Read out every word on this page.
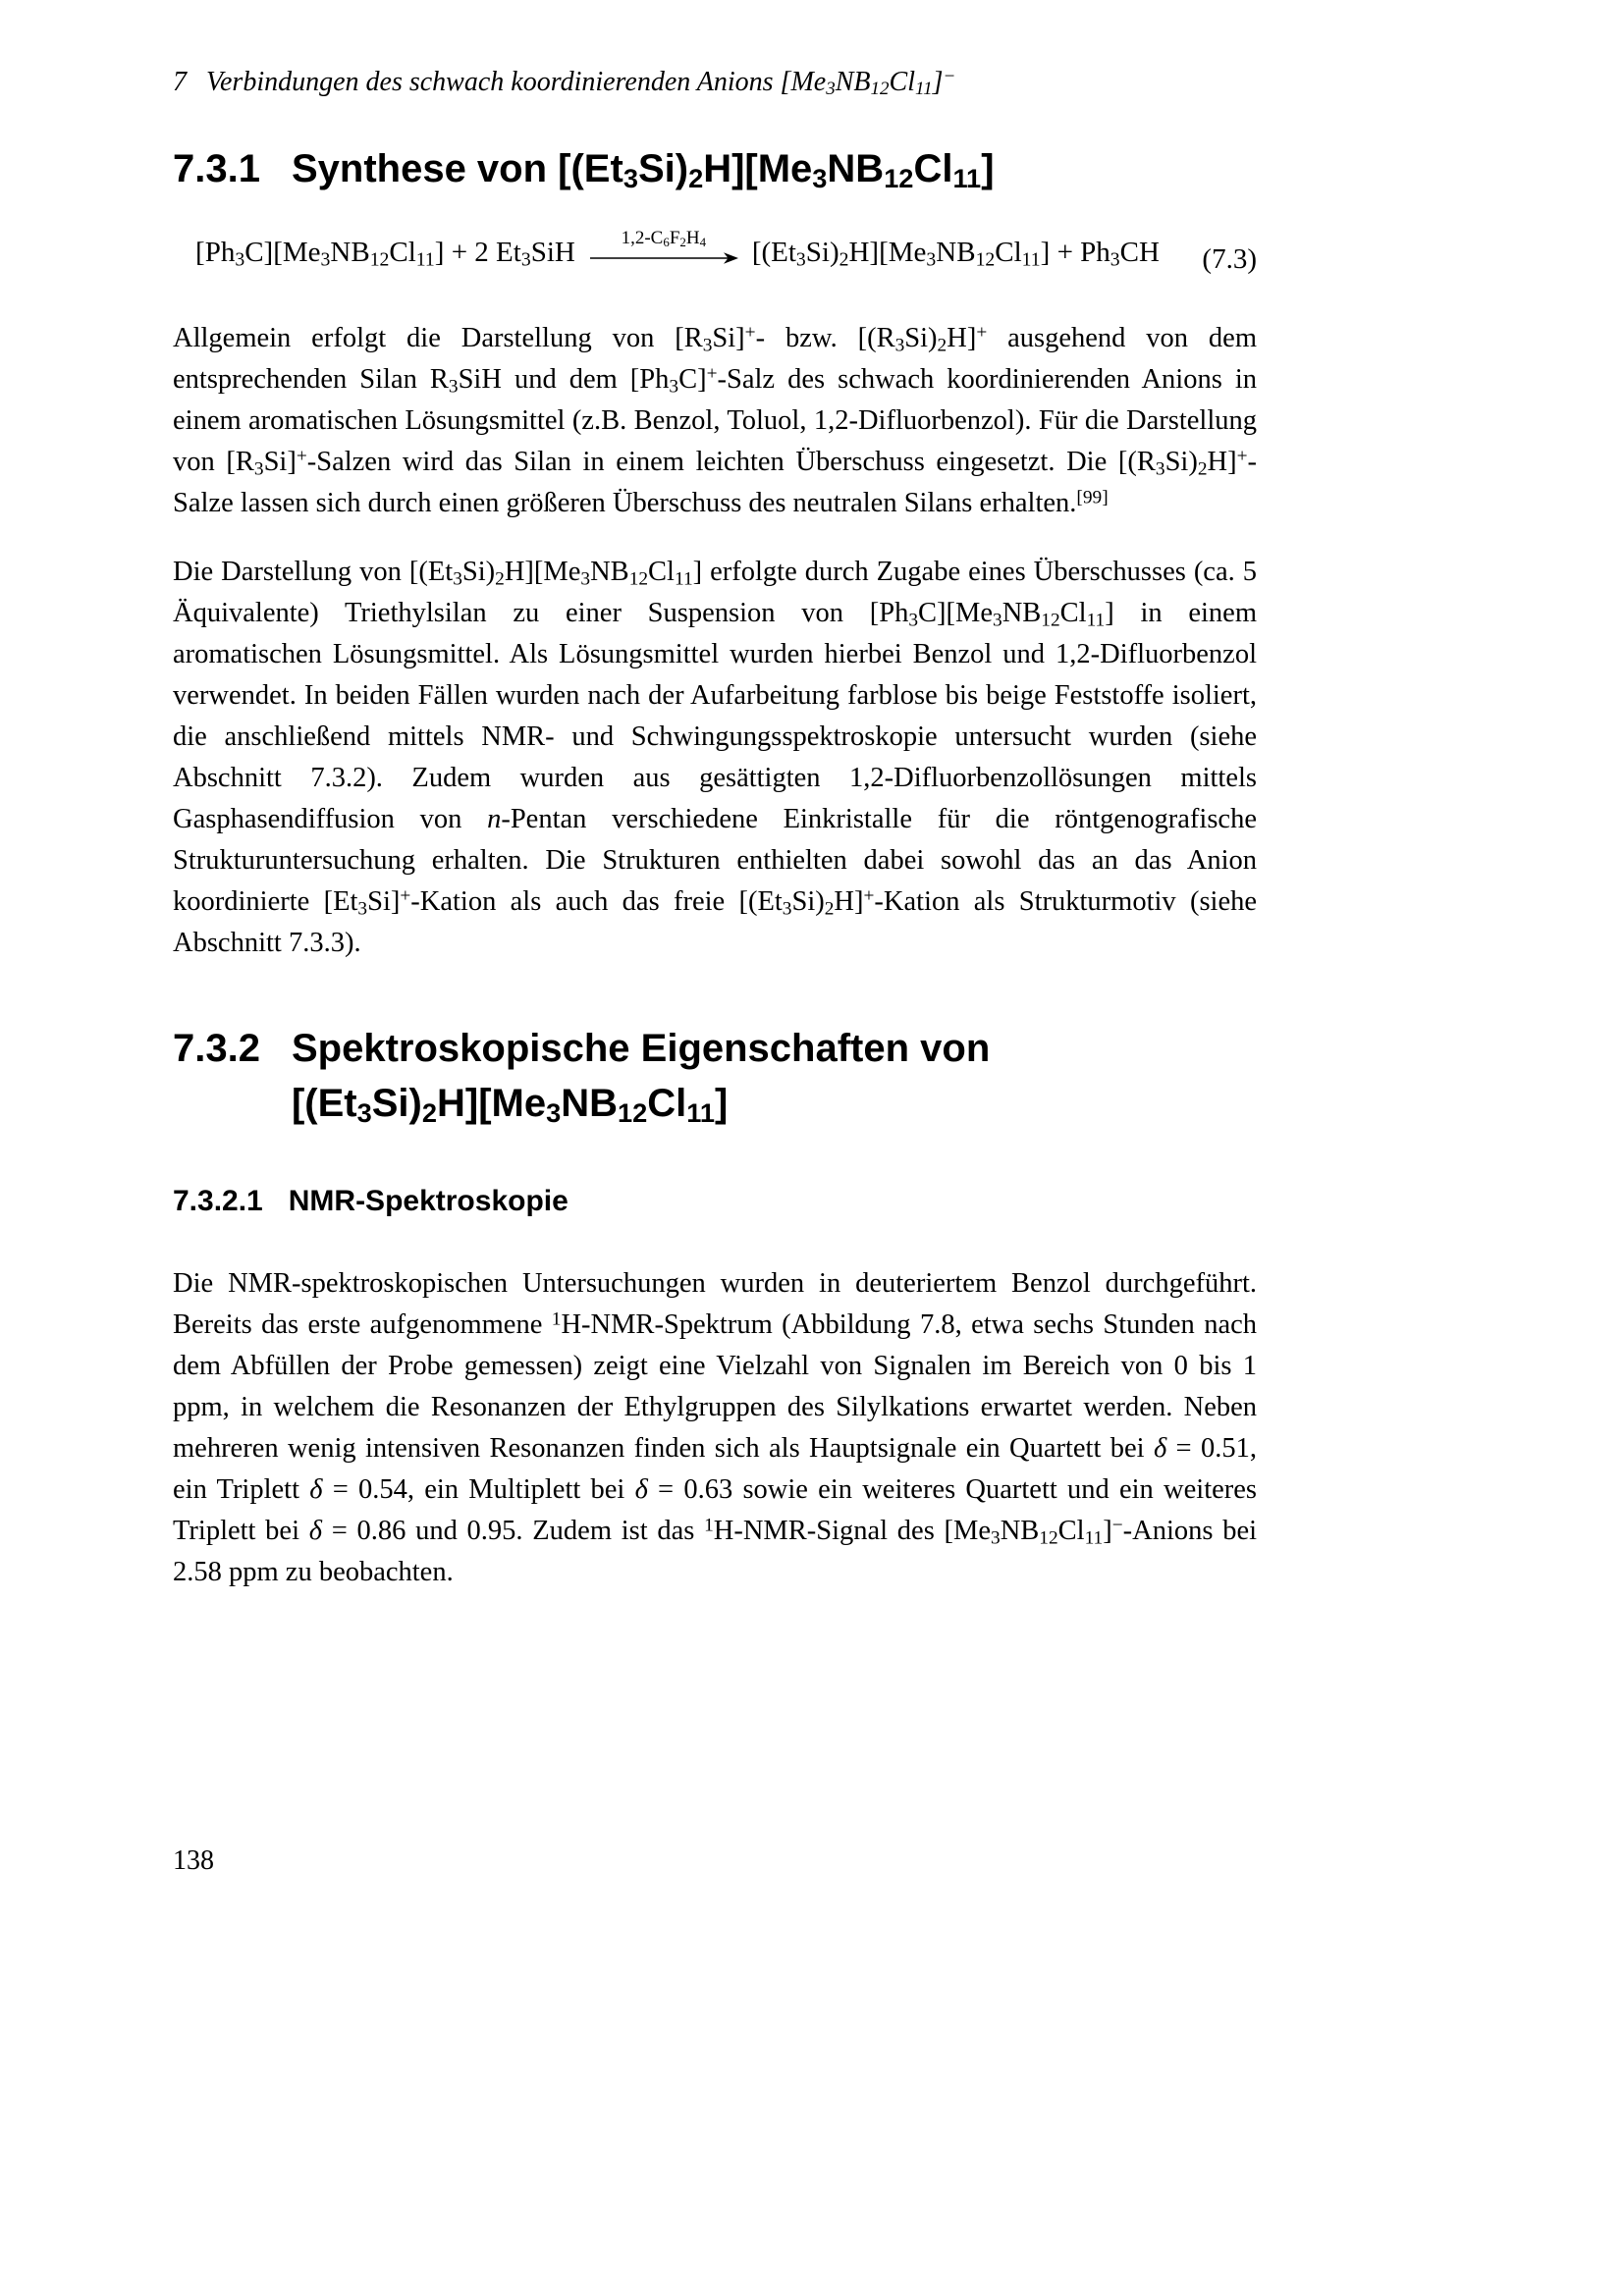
7 Verbindungen des schwach koordinierenden Anions $[Me_3NB_{12}Cl_{11}]^-$
7.3.1 Synthese von $[(Et_3Si)_2H][Me_3NB_{12}Cl_{11}]$
$[Ph_3C][Me_3NB_{12}Cl_{11}] + 2$ $Et_3SiH$ $1,2-C_6F_2H_4$ $[(Et_3Si)_2H][Me_3NB_{12}Cl_{11}] + Ph_3CH$ (7.3)

Allgemein erfolgt die Darstellung von $[R_3Si]^+-$ bzw. $[(R_3Si)_2H]^+$ ausgehend von dem entsprechenden Silan $R_3SiH$ und dem $[Ph_3C]^+$-Salz des schwach koordinierenden Anions in einem aromatischen Lösungsmittel (z.B. Benzol, Toluol, 1,2-Difluorbenzol). Für die Darstellung von $[R_3Si]^+$-Salzen wird das Silan in einem leichten Überschuss eingesetzt. Die $[(R_3Si)_2H]^+$-Salze lassen sich durch einen größeren Überschuss des neutralen Silans erhalten.[99]

Die Darstellung von $[(Et_3Si)_2H][Me_3NB_{12}Cl_{11}]$ erfolgte durch Zugabe eines Überschusses (ca. 5 Äquivalente) Triethylsilan zu einer Suspension von $[Ph_3C][Me_3NB_{12}Cl_{11}]$ in einem aromatischen Lösungsmittel. Als Lösungsmittel wurden hierbei Benzol und 1,2-Difluorbenzol verwendet. In beiden Fällen wurden nach der Aufarbeitung farblose bis beige Feststoffe isoliert, die anschließend mittels NMR- und Schwingungsspektroskopie untersucht wurden (siehe Abschnitt 7.3.2). Zudem wurden aus gesättigten 1,2-Difluorbenzollösungen mittels Gasphasendiffusion von n-Pentan verschiedene Einkristalle für die röntgenografische Strukturuntersuchung erhalten. Die Strukturen enthielten dabei sowohl das an das Anion koordinierte $[Et_3Si]^+$-Kation als auch das freie $[(Et_3Si)_2H]^+$-Kation als Strukturmotiv (siehe Abschnitt 7.3.3).

7.3.2 Spektroskopische Eigenschaften von
$[(Et_3Si)_2H][Me_3NB_{12}Cl_{11}]$
7.3.2.1 NMR-Spektroskopie

Die NMR-spektroskopischen Untersuchungen wurden in deuteriertem Benzol durchgeführt. Bereits das erste aufgenommene $^1$H-NMR-Spektrum (Abbildung 7.8, etwa sechs Stunden nach dem Abfüllen der Probe gemessen) zeigt eine Vielzahl von Signalen im Bereich von 0 bis 1 ppm, in welchem die Resonanzen der Ethylgruppen des Silylkations erwartet werden. Neben mehreren wenig intensiven Resonanzen finden sich als Hauptsignale ein Quartett bei δ = 0.51, ein Triplett δ = 0.54, ein Multiplett bei δ = 0.63 sowie ein weiteres Quartett und ein weiteres Triplett bei δ = 0.86 und 0.95. Zudem ist das $^1$H-NMR-Signal des $[Me_3NB_{12}Cl_{11}]^-$-Anions bei 2.58 ppm zu beobachten.

138
